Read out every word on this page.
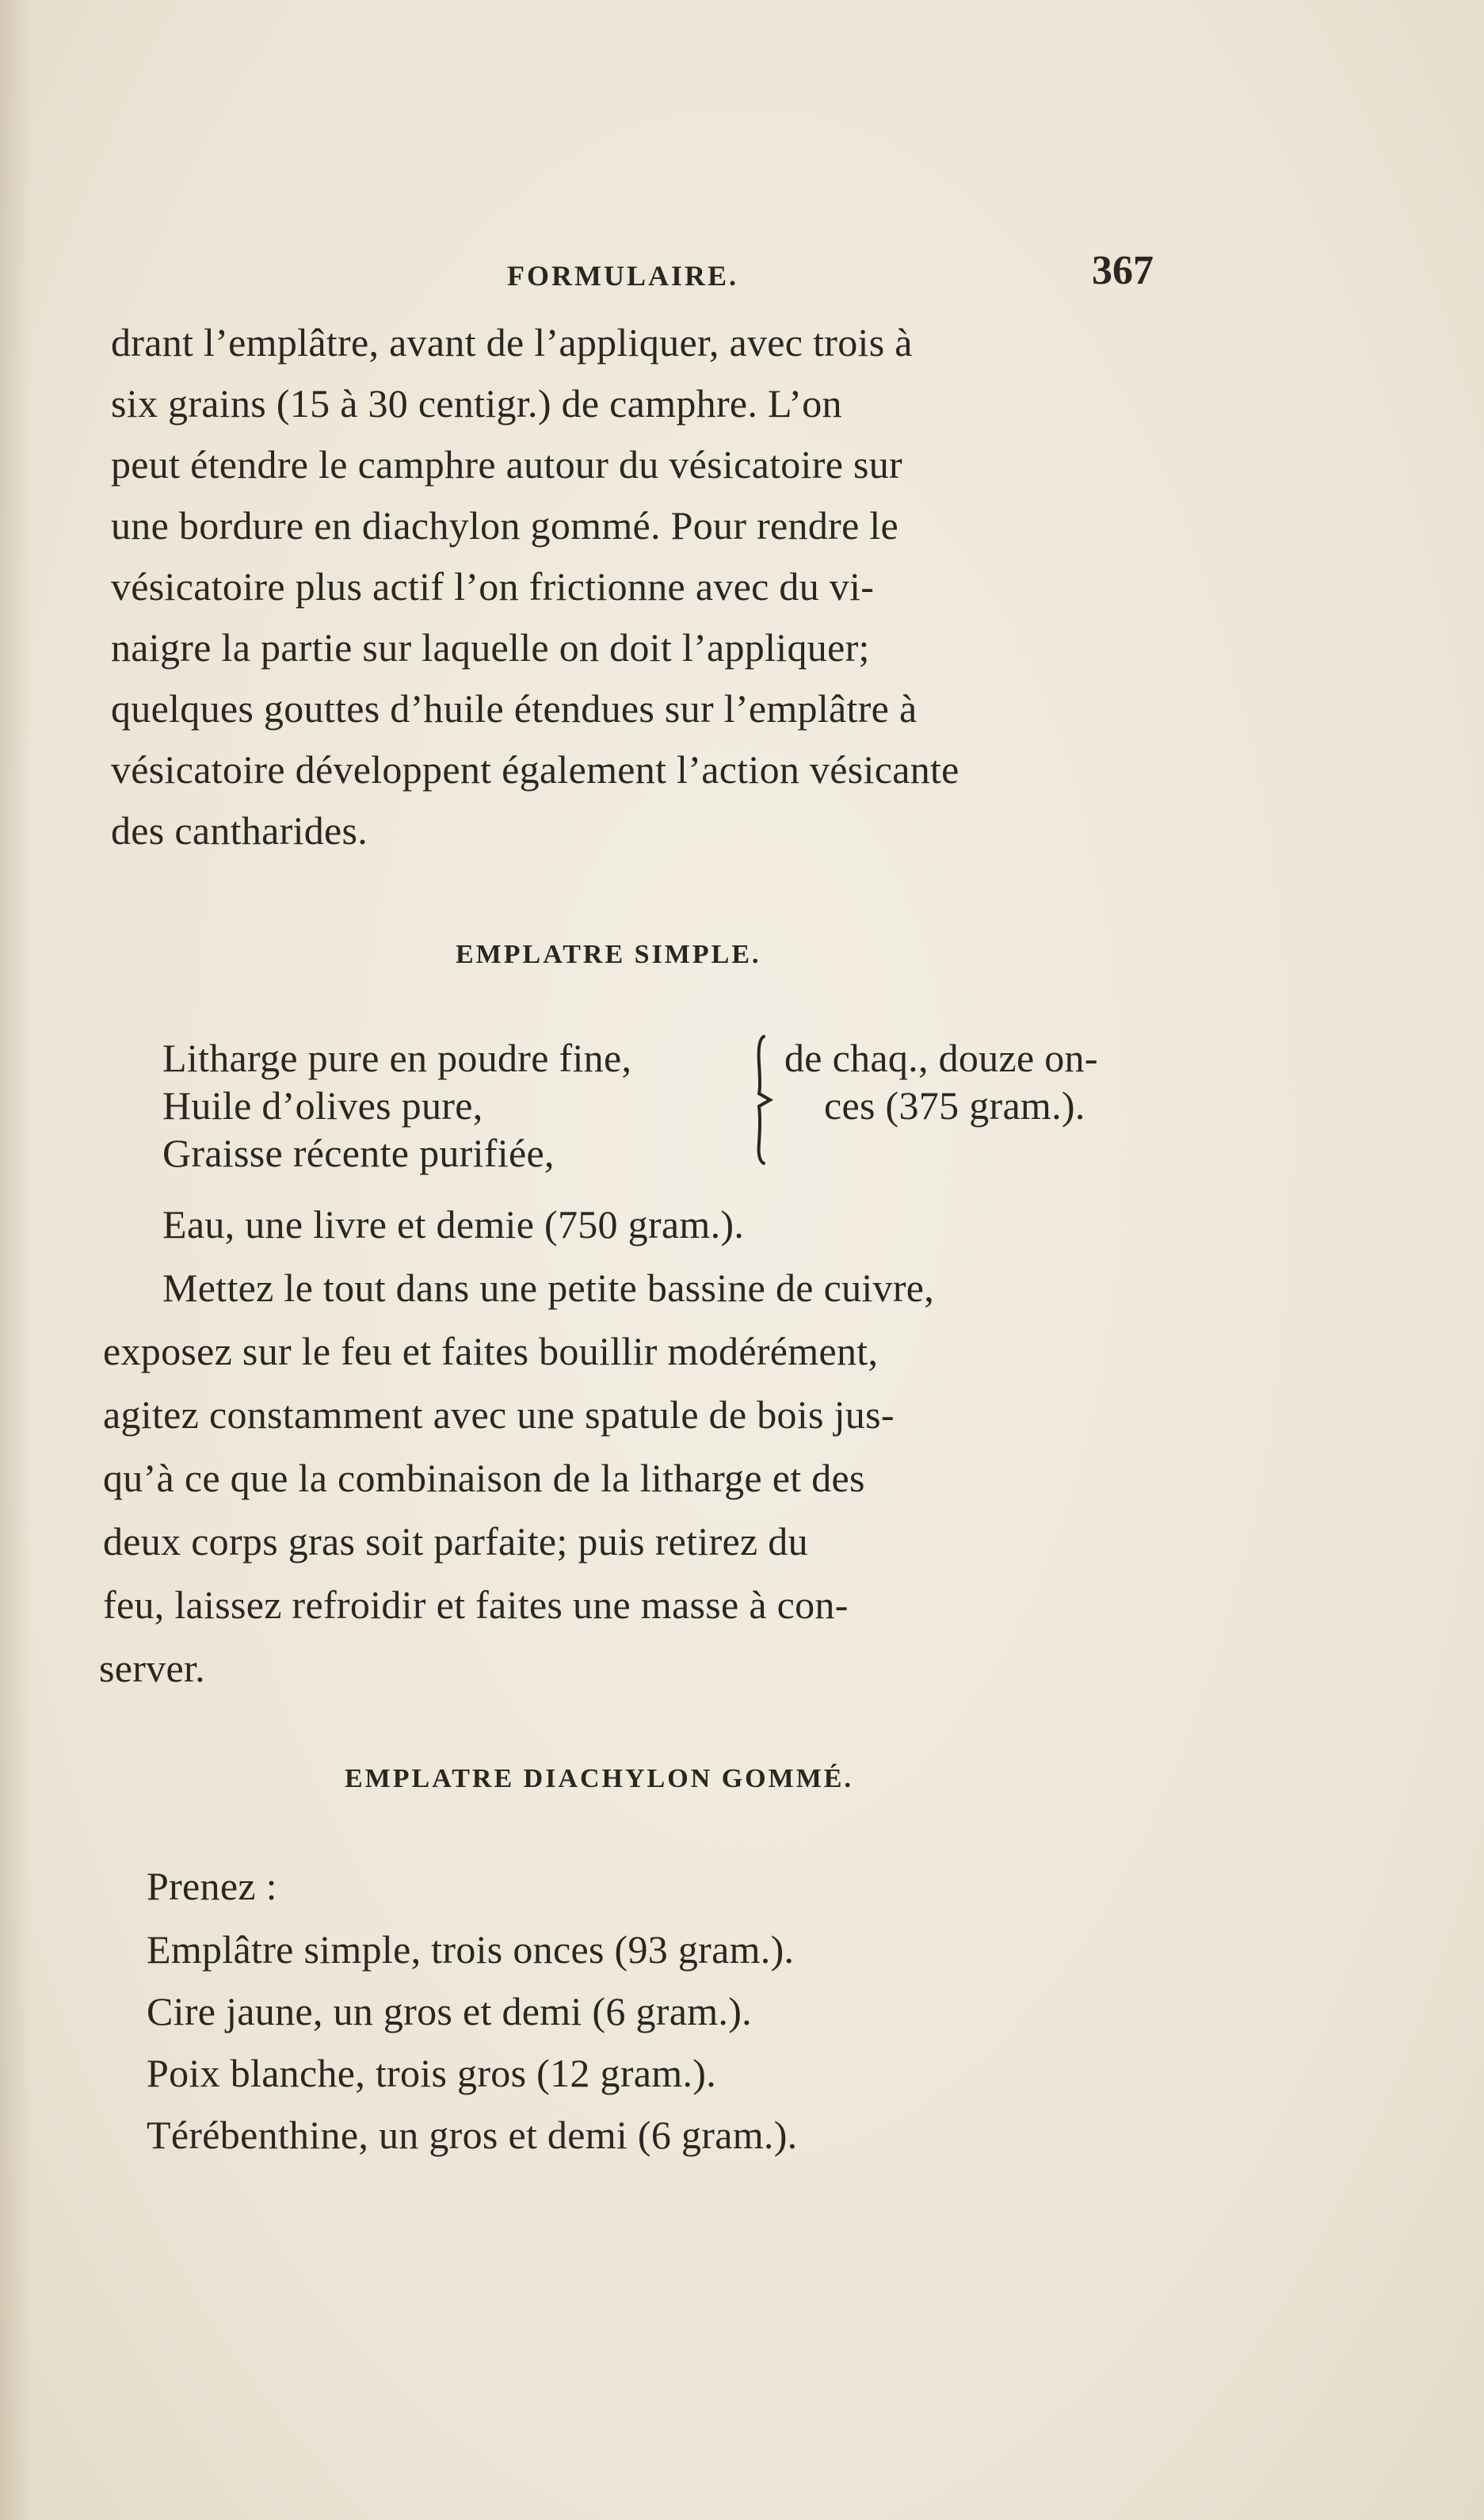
FORMULAIRE.	367
drant l’emplâtre, avant de l’appliquer, avec trois à
six grains (15 à 30 centigr.) de camphre. L’on
peut étendre le camphre autour du vésicatoire sur
une bordure en diachylon gommé. Pour rendre le
vésicatoire plus actif l’on frictionne avec du vi-
naigre la partie sur laquelle on doit l’appliquer;
quelques gouttes d’huile étendues sur l’emplâtre à
vésicatoire développent également l’action vésicante
des cantharides.
EMPLATRE SIMPLE.
Litharge pure en poudre fine,
Huile d’olives pure,
Graisse récente purifiée,
de chaq., douze on-
ces (375 gram.).
Eau, une livre et demie (750 gram.).
Mettez le tout dans une petite bassine de cuivre,
exposez sur le feu et faites bouillir modérément,
agitez constamment avec une spatule de bois jus-
qu’à ce que la combinaison de la litharge et des
deux corps gras soit parfaite; puis retirez du
feu, laissez refroidir et faites une masse à con-
server.
EMPLATRE DIACHYLON GOMMÉ.
Prenez :
Emplâtre simple, trois onces (93 gram.).
Cire jaune, un gros et demi (6 gram.).
Poix blanche, trois gros (12 gram.).
Térébenthine, un gros et demi (6 gram.).
